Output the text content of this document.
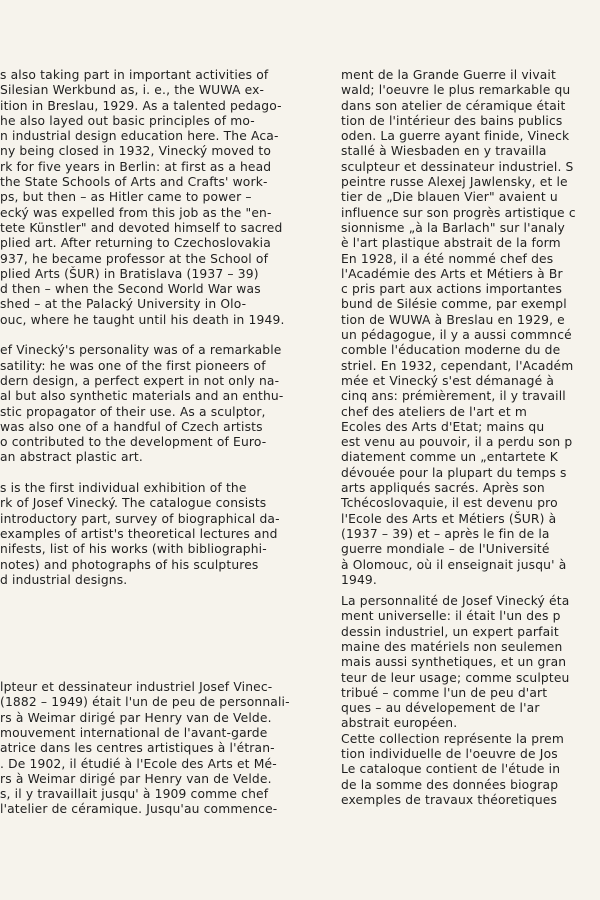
s also taking part in important activities of
Silesian Werkbund as, i. e., the WUWA ex-
ition in Breslau, 1929. As a talented pedago-
he also layed out basic principles of mo-
n industrial design education here. The Aca-
ny being closed in 1932, Vinecký moved to
rk for five years in Berlin: at first as a head
the State Schools of Arts and Crafts' work-
ps, but then – as Hitler came to power –
ecký was expelled from this job as the "en-
tete Künstler" and devoted himself to sacred
plied art. After returning to Czechoslovakia
937, he became professor at the School of
plied Arts (ŠUR) in Bratislava (1937 – 39)
d then – when the Second World War was
shed – at the Palacký University in Olo-
ouc, where he taught until his death in 1949.
ef Vinecký's personality was of a remarkable
satility: he was one of the first pioneers of
dern design, a perfect expert in not only na-
al but also synthetic materials and an enthu-
stic propagator of their use. As a sculptor,
was also one of a handful of Czech artists
o contributed to the development of Euro-
an abstract plastic art.
s is the first individual exhibition of the
rk of Josef Vinecký. The catalogue consists
introductory part, survey of biographical da-
examples of artist's theoretical lectures and
nifests, list of his works (with bibliographi-
notes) and photographs of his sculptures
d industrial designs.
lpteur et dessinateur industriel Josef Vinec-
(1882 – 1949) était l'un de peu de personnali-
rs à Weimar dirigé par Henry van de Velde.
mouvement international de l'avant-garde
atrice dans les centres artistiques à l'étran-
. De 1902, il étudié à l'Ecole des Arts et Mé-
rs à Weimar dirigé par Henry van de Velde.
s, il y travaillait jusqu' à 1909 comme chef
l'atelier de céramique. Jusqu'au commence-
ment de la Grande Guerre il vivait
wald; l'oeuvre le plus remarkable qu
dans son atelier de céramique était
tion de l'intérieur des bains publics
oden. La guerre ayant finide, Vineck
stallé à Wiesbaden en y travailla
sculpteur et dessinateur industriel. S
peintre russe Alexej Jawlensky, et le
tier de „Die blauen Vier" avaient u
influence sur son progrès artistique c
sionnisme „à la Barlach" sur l'analy
è l'art plastique abstrait de la form
En 1928, il a été nommé chef des
l'Académie des Arts et Métiers à Br
c pris part aux actions importantes
bund de Silésie comme, par exempl
tion de WUWA à Breslau en 1929, e
un pédagogue, il y a aussi commncé
comble l'éducation moderne du de
striel. En 1932, cependant, l'Académ
mée et Vinecký s'est démanagé à
cinq ans: prémièrement, il y travaill
chef des ateliers de l'art et m
Ecoles des Arts d'Etat; mains qu
est venu au pouvoir, il a perdu son p
diatement comme un „entartete K
dévouée pour la plupart du temps s
arts appliqués sacrés. Après son
Tchécoslovaquie, il est devenu pro
l'Ecole des Arts et Métiers (ŠUR) à
(1937 – 39) et – après le fin de la
guerre mondiale – de l'Université
à Olomouc, où il enseignait jusqu' à
1949.
La personnalité de Josef Vinecký éta
ment universelle: il était l'un des p
dessin industriel, un expert parfait
maine des matériels non seulemen
mais aussi synthetiques, et un gran
teur de leur usage; comme sculpteu
tribué – comme l'un de peu d'art
ques – au dévelopement de l'ar
abstrait européen.
Cette collection représente la prem
tion individuelle de l'oeuvre de Jos
Le cataloque contient de l'étude in
de la somme des données biograp
exemples de travaux théoretiques
